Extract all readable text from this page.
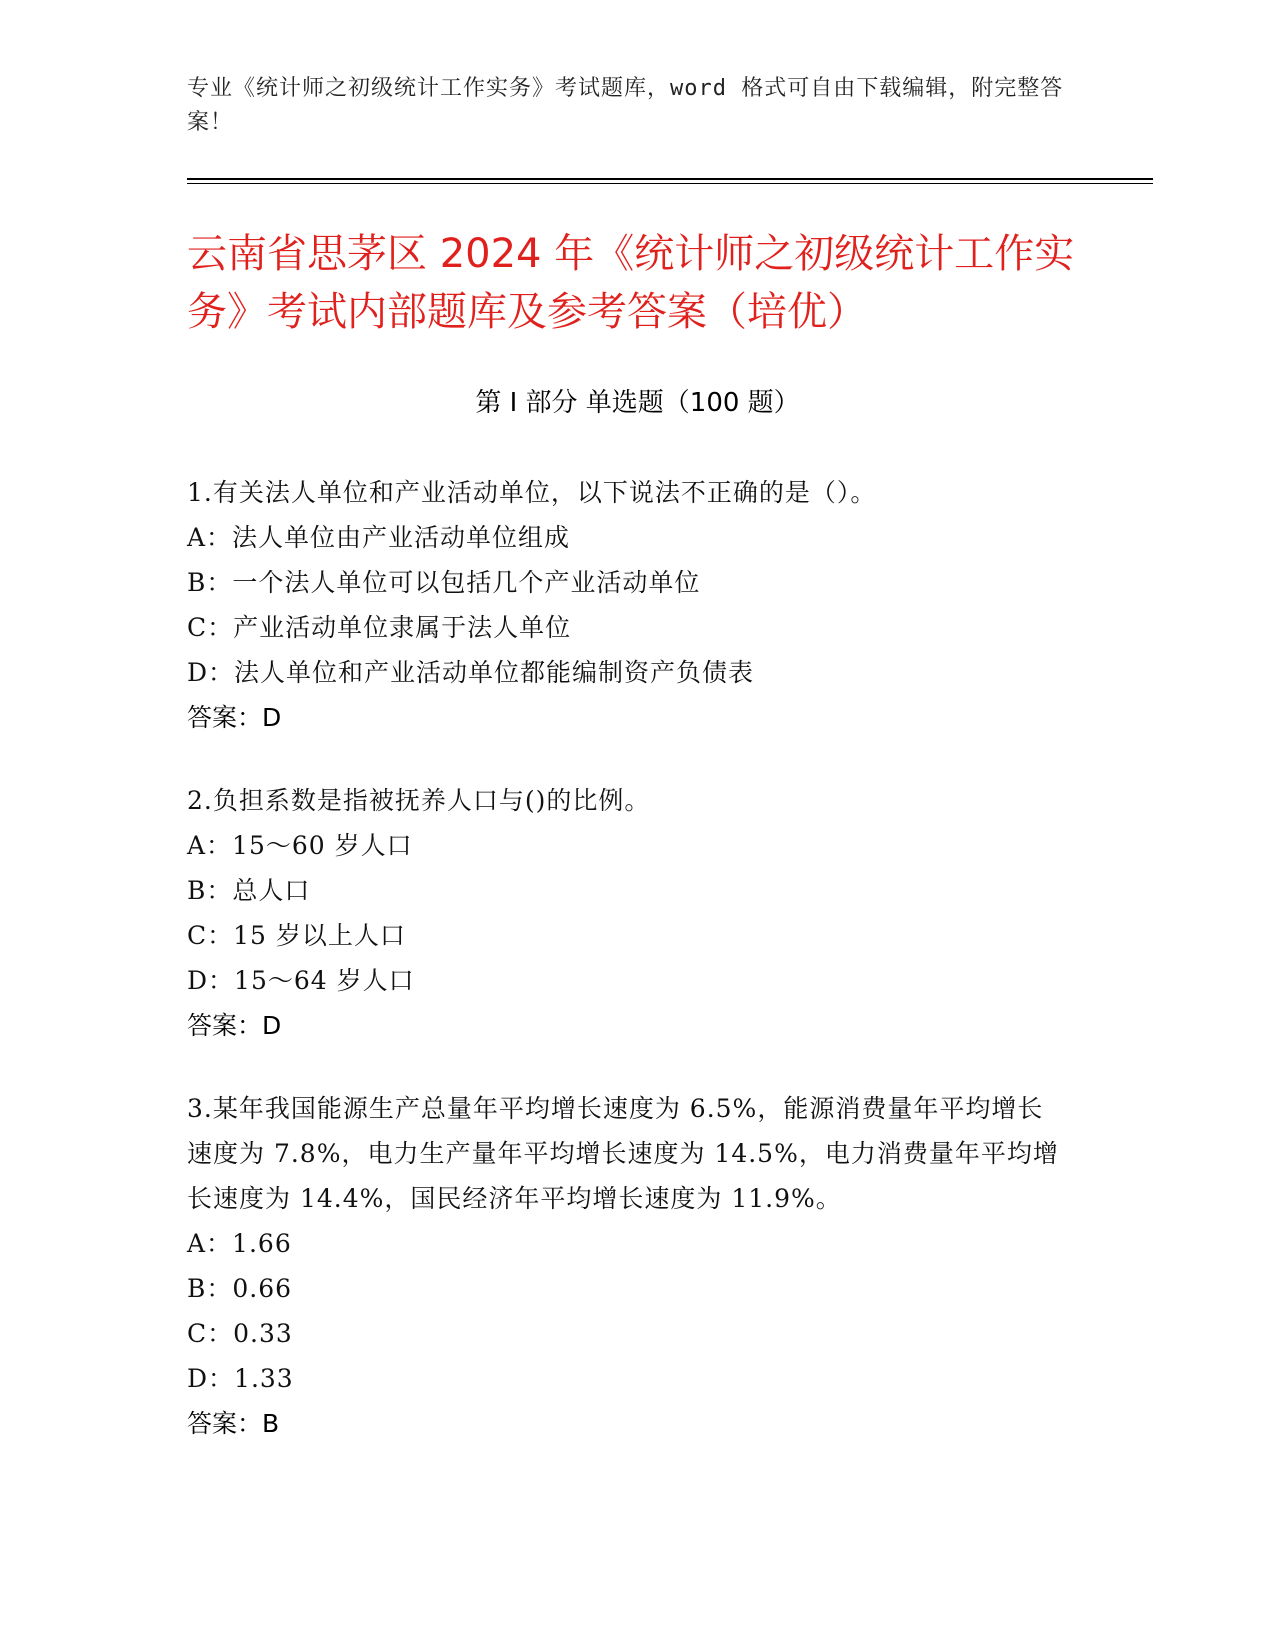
专业《统计师之初级统计工作实务》考试题库，word 格式可自由下载编辑，附完整答案！
云南省思茅区 2024 年《统计师之初级统计工作实务》考试内部题库及参考答案（培优）
第 I 部分 单选题（100 题）
1.有关法人单位和产业活动单位，以下说法不正确的是（）。
A：法人单位由产业活动单位组成
B：一个法人单位可以包括几个产业活动单位
C：产业活动单位隶属于法人单位
D：法人单位和产业活动单位都能编制资产负债表
答案：D
2.负担系数是指被抚养人口与()的比例。
A：15～60 岁人口
B：总人口
C：15 岁以上人口
D：15～64 岁人口
答案：D
3.某年我国能源生产总量年平均增长速度为 6.5%，能源消费量年平均增长速度为 7.8%，电力生产量年平均增长速度为 14.5%，电力消费量年平均增长速度为 14.4%，国民经济年平均增长速度为 11.9%。
A：1.66
B：0.66
C：0.33
D：1.33
答案：B
